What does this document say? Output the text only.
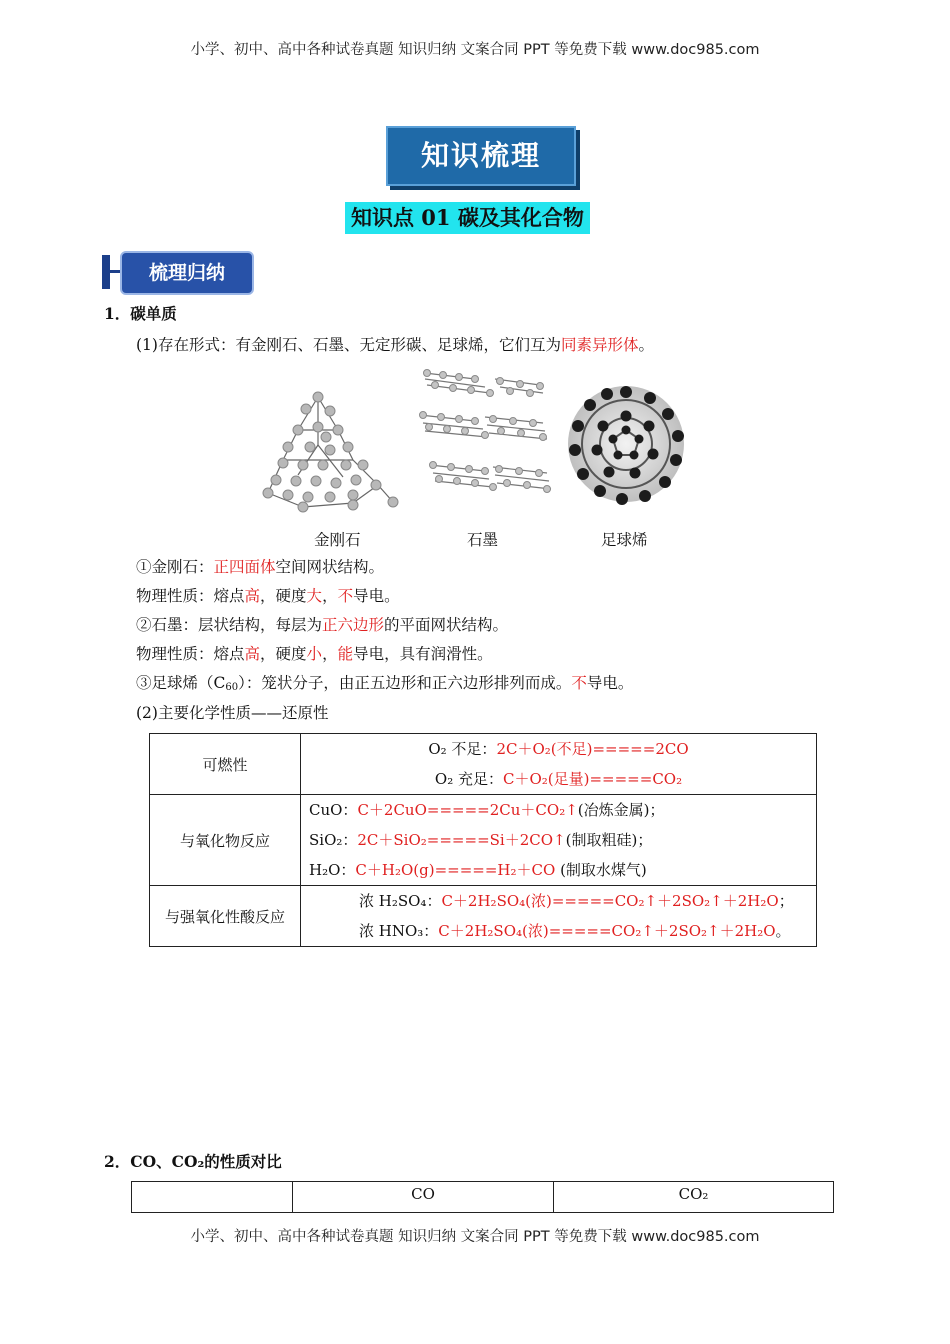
小学、初中、高中各种试卷真题 知识归纳 文案合同 PPT 等免费下载 www.doc985.com
知识梳理
知识点 01 碳及其化合物
梳理归纳
1．碳单质
(1)存在形式：有金刚石、石墨、无定形碳、足球烯，它们互为同素异形体。
金刚石	石墨	足球烯
①金刚石：正四面体空间网状结构。
物理性质：熔点高，硬度大，不导电。
②石墨：层状结构，每层为正六边形的平面网状结构。
物理性质：熔点高，硬度小，能导电，具有润滑性。
③足球烯$(C_{60})$：笼状分子，由正五边形和正六边形排列而成。不导电。
(2)主要化学性质——还原性
可燃性	O₂ 不足：2C＋O₂(不足)=====2CO
O₂ 充足：C＋O₂(足量)=====CO₂

与氧化物反应	CuO：C＋2CuO=====2Cu＋CO₂↑(冶炼金属)；
SiO₂：2C＋SiO₂=====Si＋2CO↑(制取粗硅)；
H₂O：C＋H₂O(g)=====H₂＋CO (制取水煤气)

与强氧化性酸反应	浓 H₂SO₄：C＋2H₂SO₄(浓)=====CO₂↑＋2SO₂↑＋2H₂O；
浓 HNO₃：C＋2H₂SO₄(浓)=====CO₂↑＋2SO₂↑＋2H₂O。
2．CO、CO₂的性质对比
	CO	CO₂
小学、初中、高中各种试卷真题 知识归纳 文案合同 PPT 等免费下载 www.doc985.com
